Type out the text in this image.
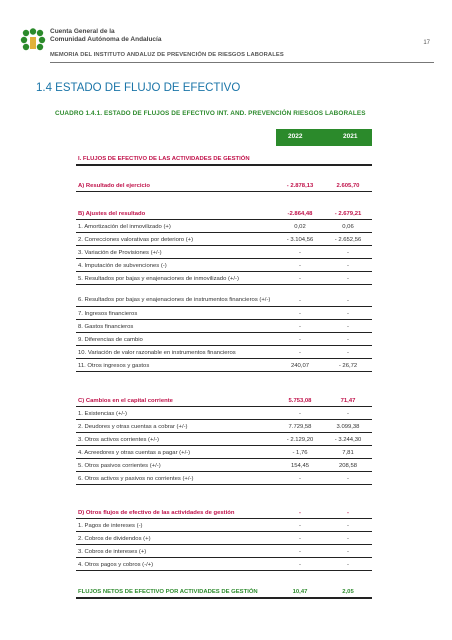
Cuenta General de la
Comunidad Autónoma de Andalucía
MEMORIA DEL INSTITUTO ANDALUZ DE PREVENCIÓN DE RIESGOS LABORALES
17
1.4 ESTADO DE FLUJO DE EFECTIVO
CUADRO 1.4.1. ESTADO DE FLUJOS DE EFECTIVO INT. AND. PREVENCIÓN RIESGOS LABORALES
2022	2021
I. FLUJOS DE EFECTIVO DE LAS ACTIVIDADES DE GESTIÓN
A) Resultado del ejercicio	- 2.878,13	2.605,70
B) Ajustes del resultado	-2.864,48	- 2.679,21
1. Amortización del inmovilizado (+)	0,02	0,06
2. Correcciones valorativas por deterioro (+)	- 3.104,56	- 2.652,56
3. Variación de Provisiones (+/-)	-	-
4. Imputación de subvenciones (-)	-	-
5. Resultados por bajas y enajenaciones de inmovilizado (+/-)	-	-
6. Resultados por bajas y enajenaciones de instrumentos financieros (+/-)	-	-
7. Ingresos financieros	-	-
8. Gastos financieros	-	-
9. Diferencias de cambio	-	-
10. Variación de valor razonable en instrumentos financieros	-	-
11. Otros ingresos y gastos	240,07	- 26,72
C) Cambios en el capital corriente	5.753,08	71,47
1. Existencias (+/-)	-	-
2. Deudores y otras cuentas a cobrar (+/-)	7.729,58	3.099,38
3. Otros activos corrientes (+/-)	- 2.129,20	- 3.244,30
4. Acreedores y otras cuentas a pagar (+/-)	- 1,76	7,81
5. Otros pasivos corrientes (+/-)	154,45	208,58
6. Otros activos y pasivos no corrientes (+/-)	-	-
D) Otros flujos de efectivo de las actividades de gestión	-	-
1. Pagos de intereses (-)	-	-
2. Cobros de dividendos (+)	-	-
3. Cobros de intereses (+)	-	-
4. Otros pagos y cobros (-/+)	-	-
FLUJOS NETOS DE EFECTIVO POR ACTIVIDADES DE GESTIÓN	10,47	2,05
